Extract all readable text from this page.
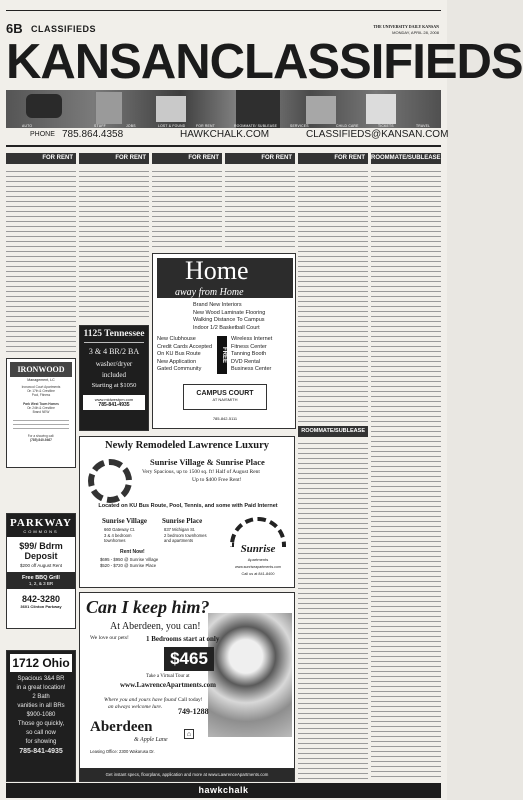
6B CLASSIFIEDS	THE UNIVERSITY DAILY KANSAN
MONDAY, APRIL 28, 2008
KANSANCLASSIFIEDS
AUTO	STUFF	JOBS	LOST & FOUND	FOR RENT	ROOMMATE/ SUBLEASE	SERVICES	CHILD CARE	TICKETS	TRAVEL
PHONE 785.864.4358	HAWKCHALK.COM	CLASSIFIEDS@KANSAN.COM
FOR RENT	FOR RENT	FOR RENT	FOR RENT	FOR RENT	ROOMMATE/SUBLEASE
IRONWOOD
Management, LC
Ironwood Court Apartments
On 17th & Crestline
Pool, Fitness
Park West Town Homes
On 24th & Crestline
Brand NEW
For a showing call:
(785) 840-9467
PARKWAY
COMMONS
$99/ Bdrm Deposit
$200 off August Rent
Free BBQ Grill
1, 2, & 3 BR
842-3280
3601 Clinton Parkway
1712 Ohio
Spacious 3&4 BR
in a great location!
2 Bath
vanities in all BRs
$900-1080
Those go quickly,
so call now
for showing
785-841-4935
1125 Tennessee
3 & 4 BR/2 BA
washer/dryer
included
Starting at $1050
www.midwestpm.com
785-841-4935
Home
away from Home
Brand New Interiors
New Wood Laminate Flooring
Walking Distance To Campus
Indoor 1/2 Basketball Court
New Clubhouse
Credit Cards Accepted
On KU Bus Route
New Application
Gated Community
FREE
Wireless Internet
Fitness Center
Tanning Booth
DVD Rental
Business Center
CAMPUS COURT
AT NAISMITH
785-842-5111
ROOMMATE/SUBLEASE
Newly Remodeled Lawrence Luxury
Sunrise Village & Sunrise Place
Very Spacious, up to 1500 sq. ft! Half of August Rent
Up to $400 Free Rent!
Located on KU Bus Route, Pool, Tennis, and some with Paid Internet
Sunrise Village
660 Gateway Ct.
3 & 4 bedroom
townhomes
Sunrise Place
837 Michigan St.
2 bedroom townhomes
and apartments
Rent Now!
$695 - $950 @ Sunrise Village
$520 - $720 @ Sunrise Place
Sunrise
Apartments
www.sunriseapartments.com
Call us at 841-8400
Can I keep him?
At Aberdeen, you can!
We love our pets! 1 Bedrooms start at only
$465
Take a Virtual Tour at
www.LawrenceApartments.com
Where you and yours have found
an always welcome lure.
Call today!
749-1288
Aberdeen
& Apple Lane
⌂
Leasing Office: 2300 Wakarusa Dr.
Get instant specs, floorplans, application and more at www.LawrenceApartments.com
hawkchalk
